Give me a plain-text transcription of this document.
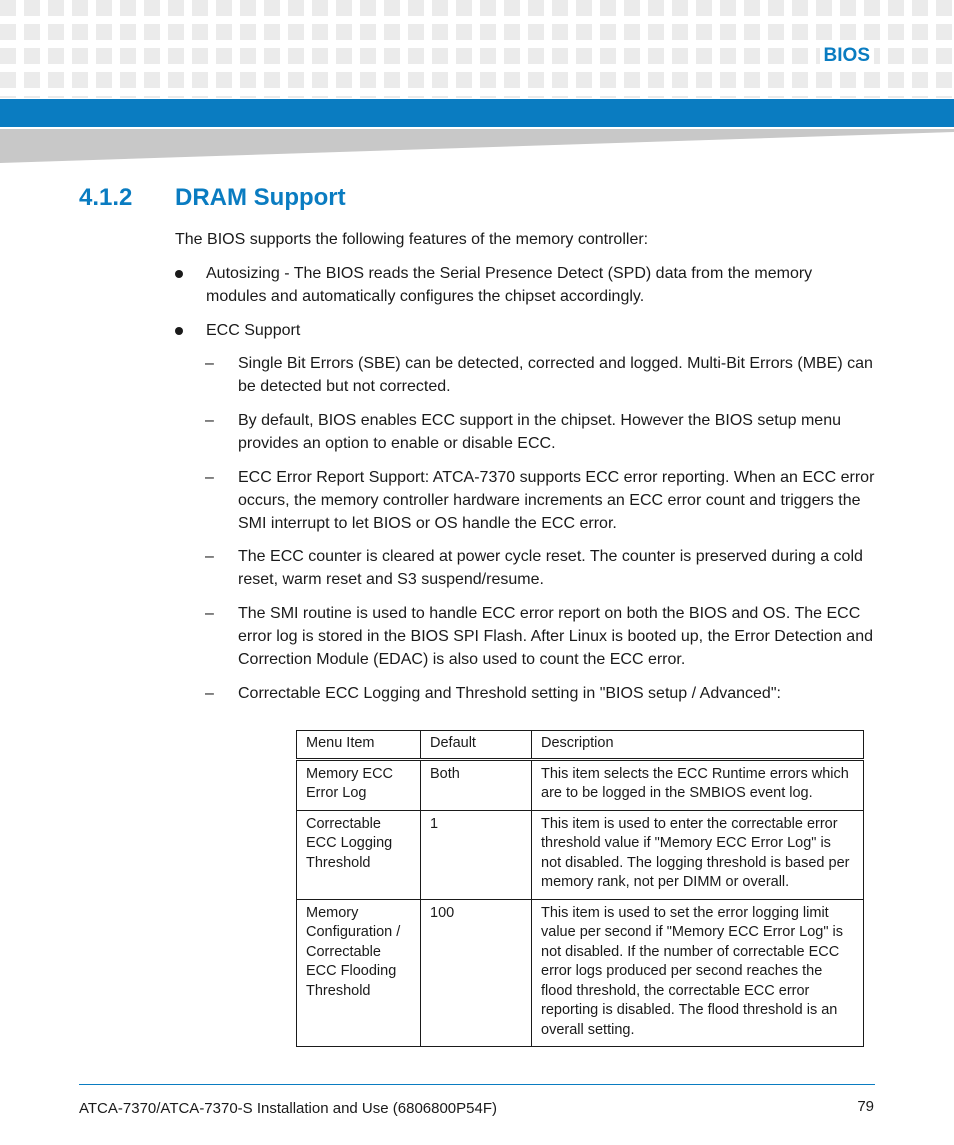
BIOS
4.1.2 DRAM Support

The BIOS supports the following features of the memory controller:

Autosizing - The BIOS reads the Serial Presence Detect (SPD) data from the memory modules and automatically configures the chipset accordingly.
ECC Support
– Single Bit Errors (SBE) can be detected, corrected and logged. Multi-Bit Errors (MBE) can be detected but not corrected.
– By default, BIOS enables ECC support in the chipset. However the BIOS setup menu provides an option to enable or disable ECC.
– ECC Error Report Support: ATCA-7370 supports ECC error reporting. When an ECC error occurs, the memory controller hardware increments an ECC error count and triggers the SMI interrupt to let BIOS or OS handle the ECC error.
– The ECC counter is cleared at power cycle reset. The counter is preserved during a cold reset, warm reset and S3 suspend/resume.
– The SMI routine is used to handle ECC error report on both the BIOS and OS. The ECC error log is stored in the BIOS SPI Flash. After Linux is booted up, the Error Detection and Correction Module (EDAC) is also used to count the ECC error.
– Correctable ECC Logging and Threshold setting in "BIOS setup / Advanced":
Menu Item	Default	Description
Memory ECC Error Log	Both	This item selects the ECC Runtime errors which are to be logged in the SMBIOS event log.
Correctable ECC Logging Threshold	1	This item is used to enter the correctable error threshold value if "Memory ECC Error Log" is not disabled. The logging threshold is based per memory rank, not per DIMM or overall.
Memory Configuration / Correctable ECC Flooding Threshold	100	This item is used to set the error logging limit value per second if "Memory ECC Error Log" is not disabled. If the number of correctable ECC error logs produced per second reaches the flood threshold, the correctable ECC error reporting is disabled. The flood threshold is an overall setting.
ATCA-7370/ATCA-7370-S Installation and Use (6806800P54F)	79
